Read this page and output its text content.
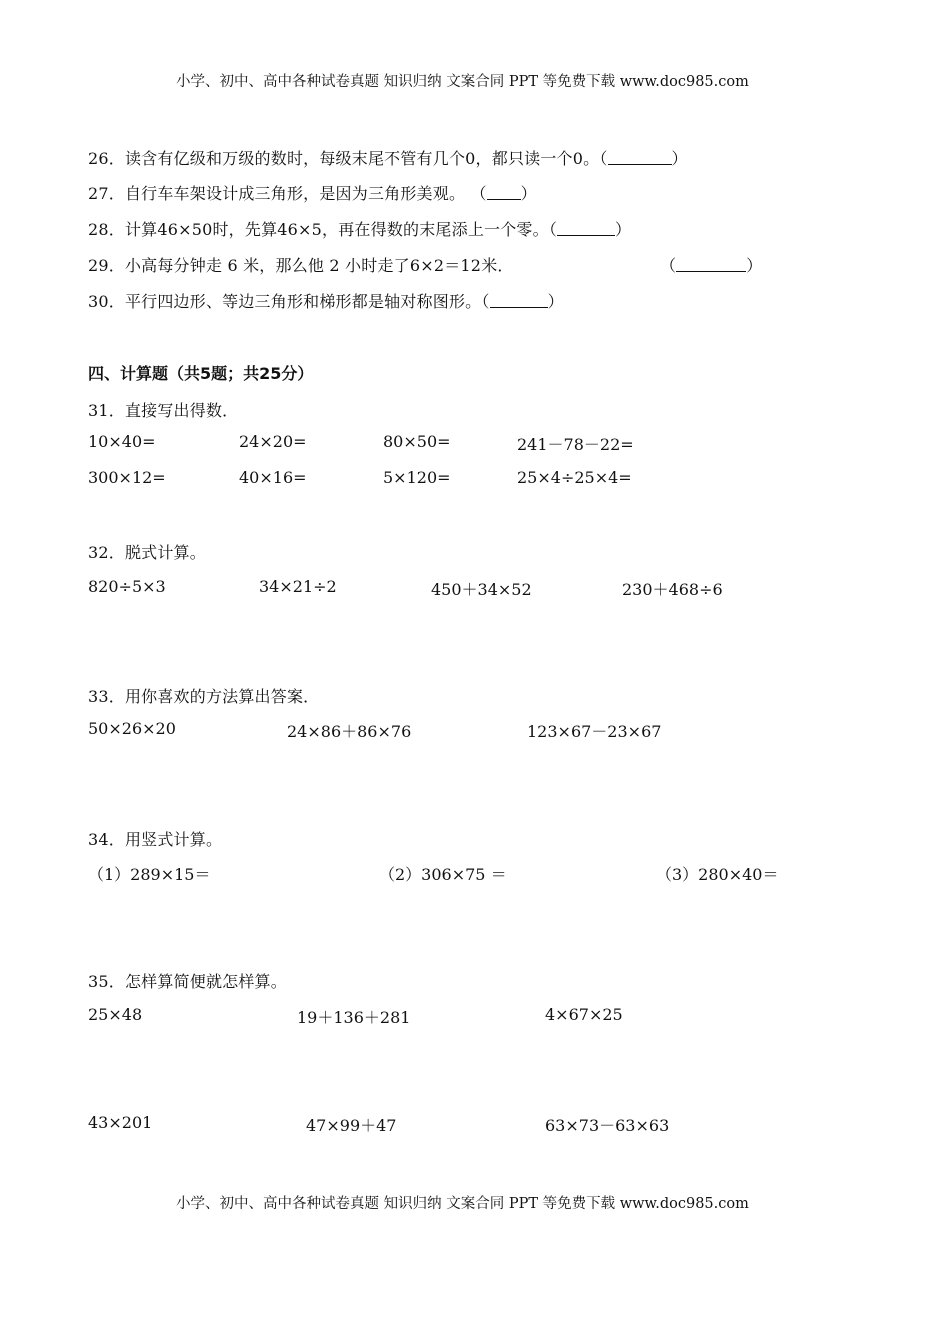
小学、初中、高中各种试卷真题 知识归纳 文案合同 PPT 等免费下载 www.doc985.com
26．读含有亿级和万级的数时，每级末尾不管有几个0，都只读一个0。（	）
27．自行车车架设计成三角形，是因为三角形美观。 （ ）
28．计算46×50时，先算46×5，再在得数的末尾添上一个零。（	）
29．小高每分钟走 6 米，那么他 2 小时走了6×2＝12米．	（	）
30．平行四边形、等边三角形和梯形都是轴对称图形。（	）
四、计算题（共5题；共25分）
31．直接写出得数．
10×40=	24×20=	80×50=	241－78－22=
300×12=	40×16=	5×120=	25×4÷25×4=
32．脱式计算。
820÷5×3	34×21÷2	450＋34×52	230＋468÷6
33．用你喜欢的方法算出答案．
50×26×20	24×86＋86×76	123×67－23×67
34．用竖式计算。
（1）289×15＝	（2）306×75 ＝	（3）280×40＝
35．怎样算简便就怎样算。
25×48	19＋136＋281	4×67×25
43×201	47×99＋47	63×73－63×63
小学、初中、高中各种试卷真题 知识归纳 文案合同 PPT 等免费下载 www.doc985.com
